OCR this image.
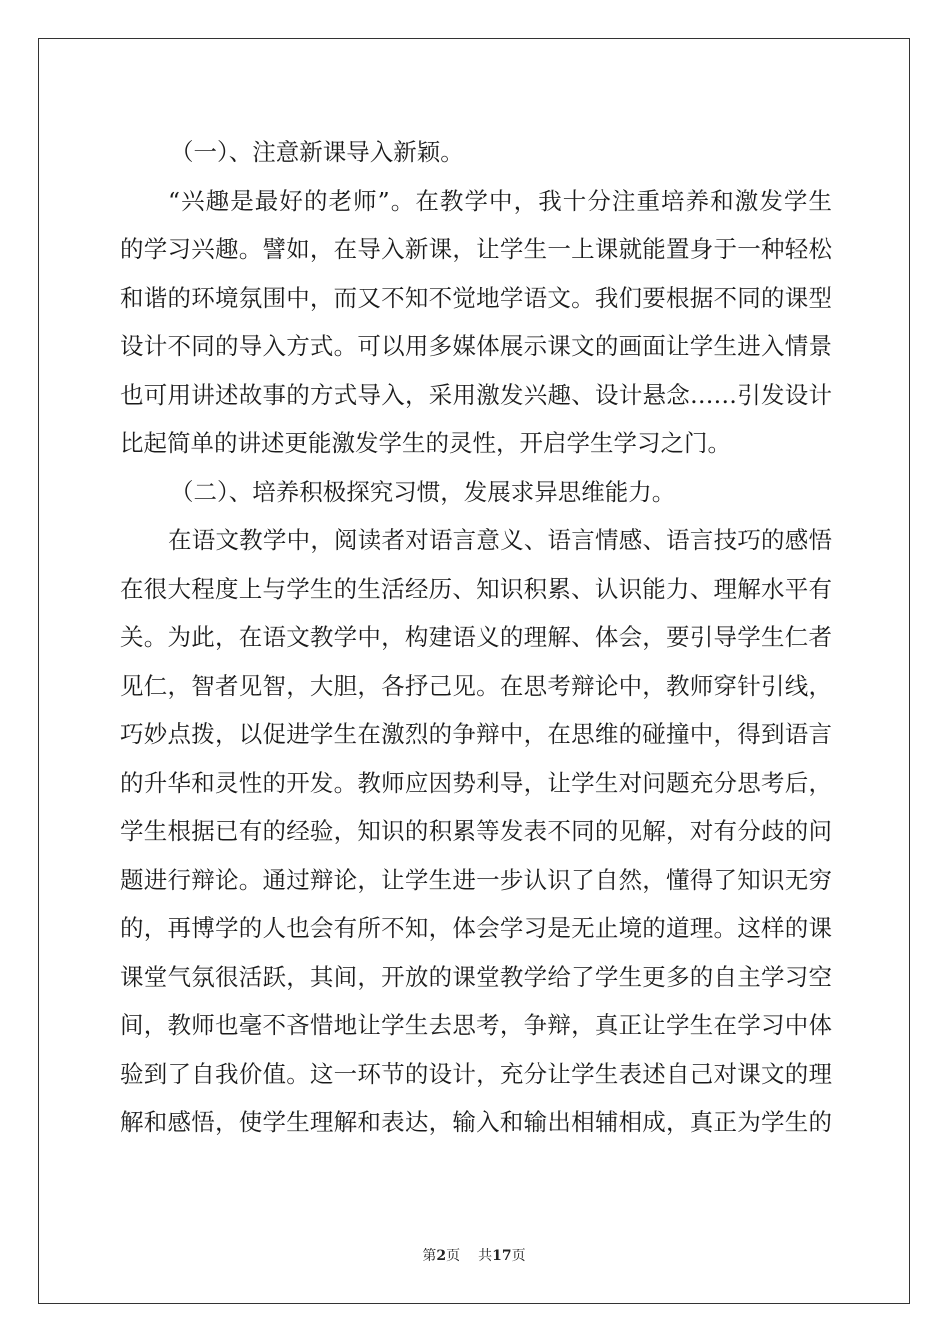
（一）、注意新课导入新颖。
“兴趣是最好的老师”。在教学中，我十分注重培养和激发学生
的学习兴趣。譬如，在导入新课，让学生一上课就能置身于一种轻松
和谐的环境氛围中，而又不知不觉地学语文。我们要根据不同的课型
设计不同的导入方式。可以用多媒体展示课文的画面让学生进入情景
也可用讲述故事的方式导入，采用激发兴趣、设计悬念……引发设计
比起简单的讲述更能激发学生的灵性，开启学生学习之门。
（二）、培养积极探究习惯，发展求异思维能力。
在语文教学中，阅读者对语言意义、语言情感、语言技巧的感悟
在很大程度上与学生的生活经历、知识积累、认识能力、理解水平有
关。为此，在语文教学中，构建语义的理解、体会，要引导学生仁者
见仁，智者见智，大胆，各抒己见。在思考辩论中，教师穿针引线，
巧妙点拨，以促进学生在激烈的争辩中，在思维的碰撞中，得到语言
的升华和灵性的开发。教师应因势利导，让学生对问题充分思考后，
学生根据已有的经验，知识的积累等发表不同的见解，对有分歧的问
题进行辩论。通过辩论，让学生进一步认识了自然，懂得了知识无穷
的，再博学的人也会有所不知，体会学习是无止境的道理。这样的课
课堂气氛很活跃，其间，开放的课堂教学给了学生更多的自主学习空
间，教师也毫不吝惜地让学生去思考，争辩，真正让学生在学习中体
验到了自我价值。这一环节的设计，充分让学生表述自己对课文的理
解和感悟，使学生理解和表达，输入和输出相辅相成，真正为学生的
第2页 共17页
